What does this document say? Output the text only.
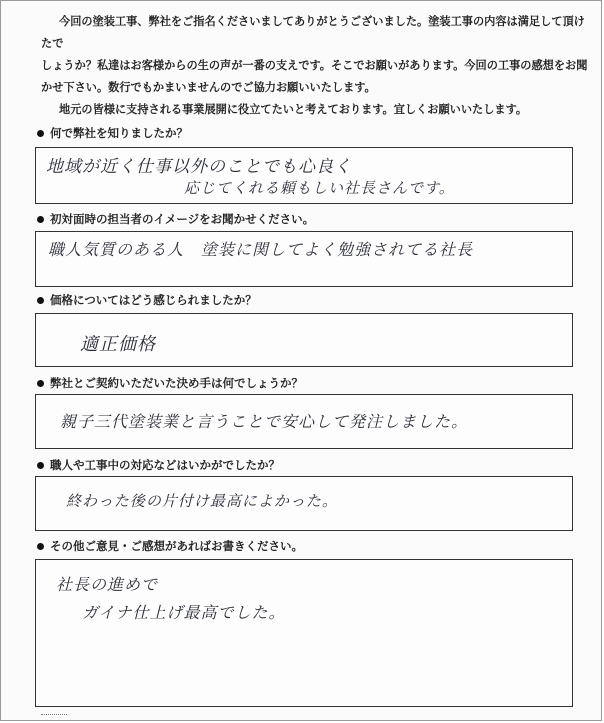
今回の塗装工事、弊社をご指名くださいましてありがとうございました。塗装工事の内容は満足して頂けたで
しょうか？私達はお客様からの生の声が一番の支えです。そこでお願いがあります。今回の工事の感想をお聞
かせ下さい。数行でもかまいませんのでご協力お願いいたします。
地元の皆様に支持される事業展開に役立てたいと考えております。宜しくお願いいたします。
何で弊社を知りましたか？
地域が近く仕事以外のことでも心良く
応じてくれる頼もしい社長さんです。
初対面時の担当者のイメージをお聞かせください。
職人気質のある人　塗装に関してよく勉強されてる社長
価格についてはどう感じられましたか？
適正価格
弊社とご契約いただいた決め手は何でしょうか？
親子三代塗装業と言うことで安心して発注しました。
職人や工事中の対応などはいかがでしたか？
終わった後の片付け最高によかった。
その他ご意見・ご感想があればお書きください。
社長の進めで
ガイナ仕上げ最高でした。
